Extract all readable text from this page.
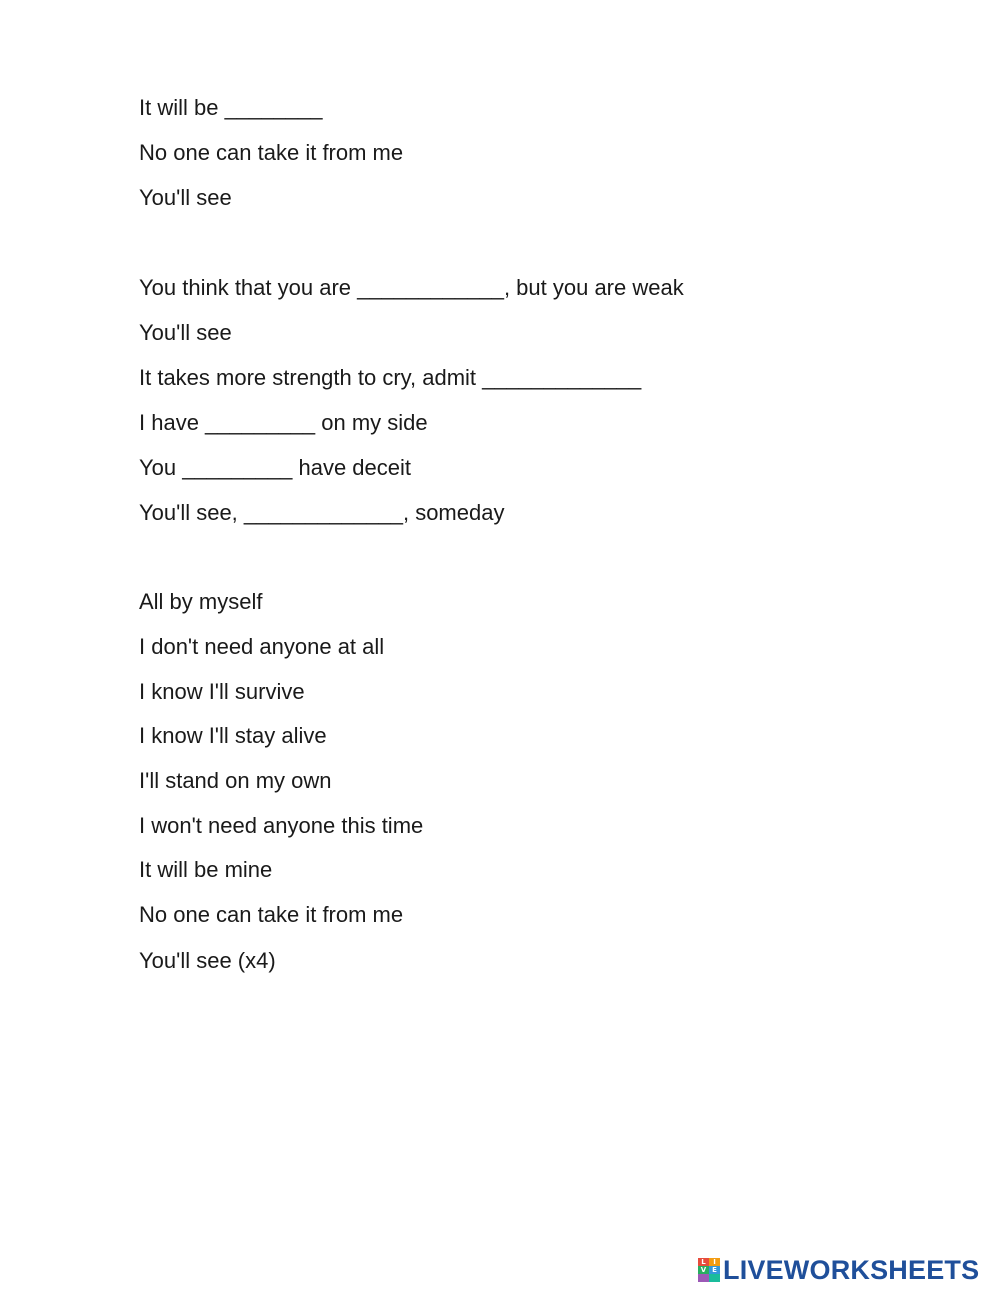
It will be ________

No one can take it from me

You'll see

You think that you are ____________, but you are weak

You'll see

It takes more strength to cry, admit _____________

I have _________ on my side

You _________ have deceit

You'll see, _____________, someday

All by myself

I don't need anyone at all

I know I'll survive

I know I'll stay alive

I'll stand on my own

I won't need anyone this time

It will be mine

No one can take it from me

You'll see (x4)

L	I
V E LIVEWORKSHEETS
